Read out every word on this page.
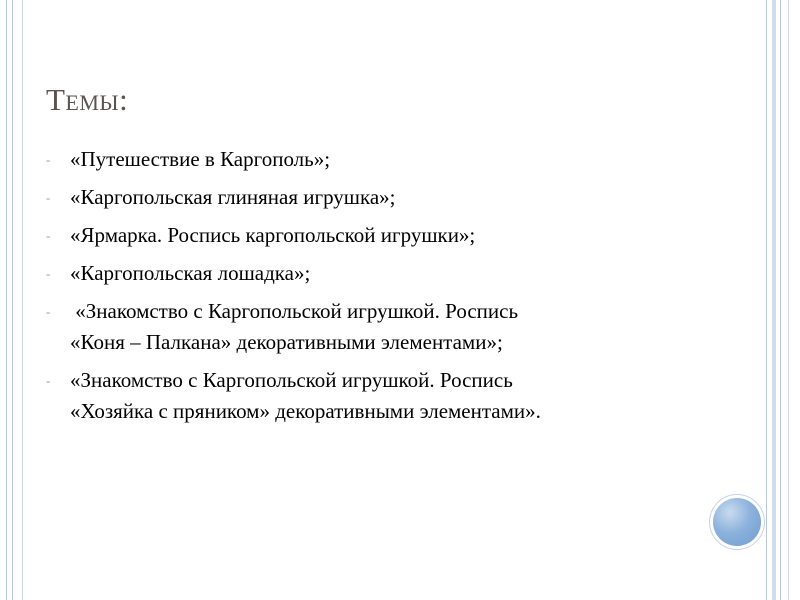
Темы:
- «Путешествие в Каргополь»;
- «Каргопольская глиняная игрушка»;
- «Ярмарка. Роспись каргопольской игрушки»;
- «Каргопольская лошадка»;
- «Знакомство с Каргопольской игрушкой. Роспись
«Коня – Палкана» декоративными элементами»;
- «Знакомство с Каргопольской игрушкой. Роспись
«Хозяйка с пряником» декоративными элементами».
